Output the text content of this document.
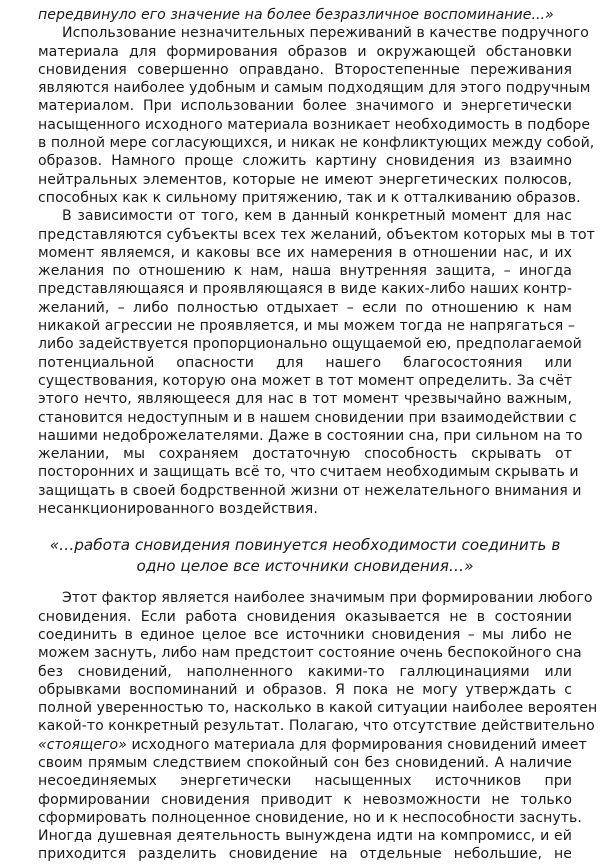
передвинуло его значение на более безразличное воспоминание...»
Использование незначительных переживаний в качестве подручного
материала для формирования образов и окружающей обстановки
сновидения совершенно оправдано. Второстепенные переживания
являются наиболее удобным и самым подходящим для этого подручным
материалом. При использовании более значимого и энергетически
насыщенного исходного материала возникает необходимость в подборе
в полной мере согласующихся, и никак не конфликтующих между собой,
образов. Намного проще сложить картину сновидения из взаимно
нейтральных элементов, которые не имеют энергетических полюсов,
способных как к сильному притяжению, так и к отталкиванию образов.
В зависимости от того, кем в данный конкретный момент для нас
представляются субъекты всех тех желаний, объектом которых мы в тот
момент являемся, и каковы все их намерения в отношении нас, и их
желания по отношению к нам, наша внутренняя защита, – иногда
представляющаяся и проявляющаяся в виде каких-либо наших контр-
желаний, – либо полностью отдыхает – если по отношению к нам
никакой агрессии не проявляется, и мы можем тогда не напрягаться –
либо задействуется пропорционально ощущаемой ею, предполагаемой
потенциальной опасности для нашего благосостояния или
существования, которую она может в тот момент определить. За счёт
этого нечто, являющееся для нас в тот момент чрезвычайно важным,
становится недоступным и в нашем сновидении при взаимодействии с
нашими недоброжелателями. Даже в состоянии сна, при сильном на то
желании, мы сохраняем достаточную способность скрывать от
посторонних и защищать всё то, что считаем необходимым скрывать и
защищать в своей бодрственной жизни от нежелательного внимания и
несанкционированного воздействия.
«…работа сновидения повинуется необходимости соединить в
одно целое все источники сновидения…»
Этот фактор является наиболее значимым при формировании любого
сновидения. Если работа сновидения оказывается не в состоянии
соединить в единое целое все источники сновидения – мы либо не
можем заснуть, либо нам предстоит состояние очень беспокойного сна
без сновидений, наполненного какими-то галлюцинациями или
обрывками воспоминаний и образов. Я пока не могу утверждать с
полной уверенностью то, насколько в какой ситуации наиболее вероятен
какой-то конкретный результат. Полагаю, что отсутствие действительно
«стоящего» исходного материала для формирования сновидений имеет
своим прямым следствием спокойный сон без сновидений. А наличие
несоединяемых энергетически насыщенных источников при
формировании сновидения приводит к невозможности не только
сформировать полноценное сновидение, но и к неспособности заснуть.
Иногда душевная деятельность вынуждена идти на компромисс, и ей
приходится разделить сновидение на отдельные небольшие, не
